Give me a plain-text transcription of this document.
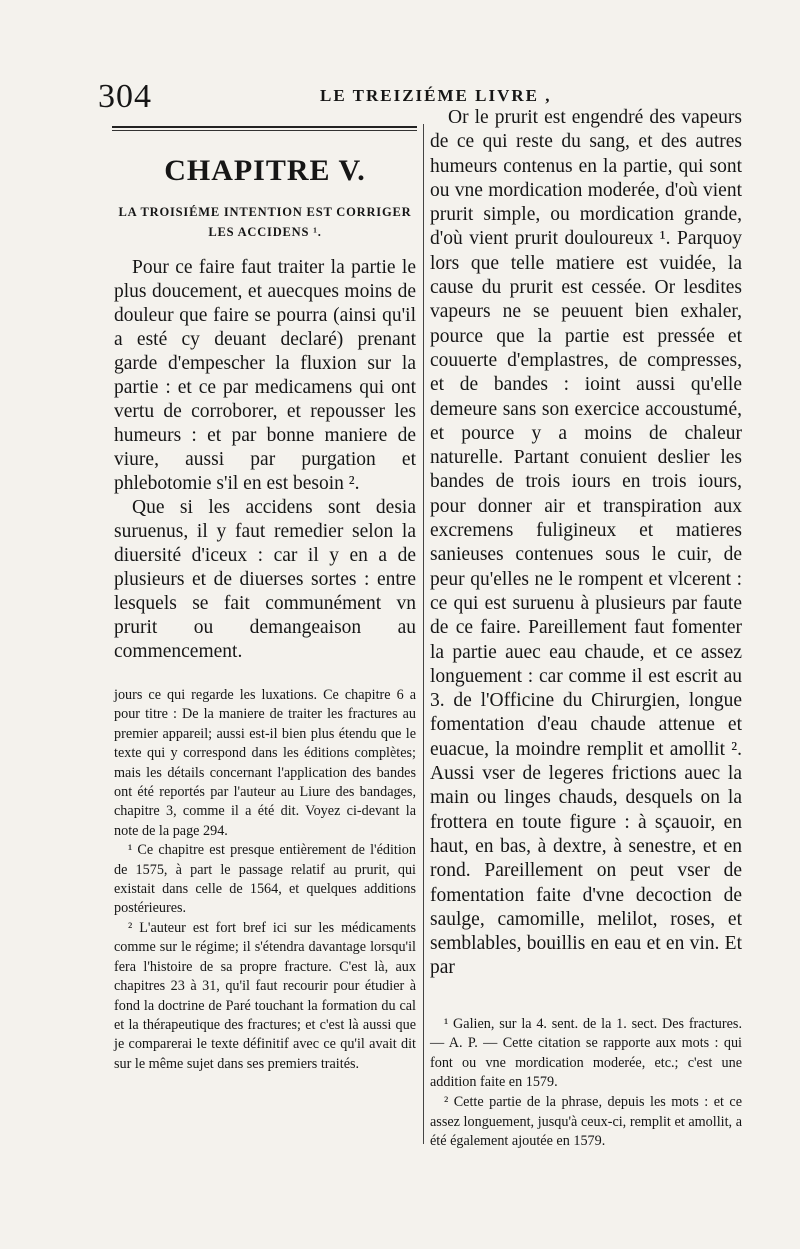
304	LE TREIZIÉME LIVRE ,
CHAPITRE V.
LA TROISIÉME INTENTION EST CORRIGER LES ACCIDENS ¹.

Pour ce faire faut traiter la partie le plus doucement, et auecques moins de douleur que faire se pourra (ainsi qu'il a esté cy deuant declaré) prenant garde d'empescher la fluxion sur la partie : et ce par medicamens qui ont vertu de corroborer, et repousser les humeurs : et par bonne maniere de viure, aussi par purgation et phlebotomie s'il en est besoin ².

Que si les accidens sont desia suruenus, il y faut remedier selon la diuersité d'iceux : car il y en a de plusieurs et de diuerses sortes : entre lesquels se fait communément vn prurit ou demangeaison au commencement.

jours ce qui regarde les luxations. Ce chapitre 6 a pour titre : De la maniere de traiter les fractures au premier appareil; aussi est-il bien plus étendu que le texte qui y correspond dans les éditions complètes; mais les détails concernant l'application des bandes ont été reportés par l'auteur au Liure des bandages, chapitre 3, comme il a été dit. Voyez ci-devant la note de la page 294.

¹ Ce chapitre est presque entièrement de l'édition de 1575, à part le passage relatif au prurit, qui existait dans celle de 1564, et quelques additions postérieures.

² L'auteur est fort bref ici sur les médicaments comme sur le régime; il s'étendra davantage lorsqu'il fera l'histoire de sa propre fracture. C'est là, aux chapitres 23 à 31, qu'il faut recourir pour étudier à fond la doctrine de Paré touchant la formation du cal et la thérapeutique des fractures; et c'est là aussi que je comparerai le texte définitif avec ce qu'il avait dit sur le même sujet dans ses premiers traités.

Or le prurit est engendré des vapeurs de ce qui reste du sang, et des autres humeurs contenus en la partie, qui sont ou vne mordication moderée, d'où vient prurit simple, ou mordication grande, d'où vient prurit douloureux ¹. Parquoy lors que telle matiere est vuidée, la cause du prurit est cessée. Or lesdites vapeurs ne se peuuent bien exhaler, pource que la partie est pressée et couuerte d'emplastres, de compresses, et de bandes : ioint aussi qu'elle demeure sans son exercice accoustumé, et pource y a moins de chaleur naturelle. Partant conuient deslier les bandes de trois iours en trois iours, pour donner air et transpiration aux excremens fuligineux et matieres sanieuses contenues sous le cuir, de peur qu'elles ne le rompent et vlcerent : ce qui est suruenu à plusieurs par faute de ce faire. Pareillement faut fomenter la partie auec eau chaude, et ce assez longuement : car comme il est escrit au 3. de l'Officine du Chirurgien, longue fomentation d'eau chaude attenue et euacue, la moindre remplit et amollit ². Aussi vser de legeres frictions auec la main ou linges chauds, desquels on la frottera en toute figure : à sçauoir, en haut, en bas, à dextre, à senestre, et en rond. Pareillement on peut vser de fomentation faite d'vne decoction de saulge, camomille, melilot, roses, et semblables, bouillis en eau et en vin. Et par

¹ Galien, sur la 4. sent. de la 1. sect. Des fractures. — A. P. — Cette citation se rapporte aux mots : qui font ou vne mordication moderée, etc.; c'est une addition faite en 1579.

² Cette partie de la phrase, depuis les mots : et ce assez longuement, jusqu'à ceux-ci, remplit et amollit, a été également ajoutée en 1579.
